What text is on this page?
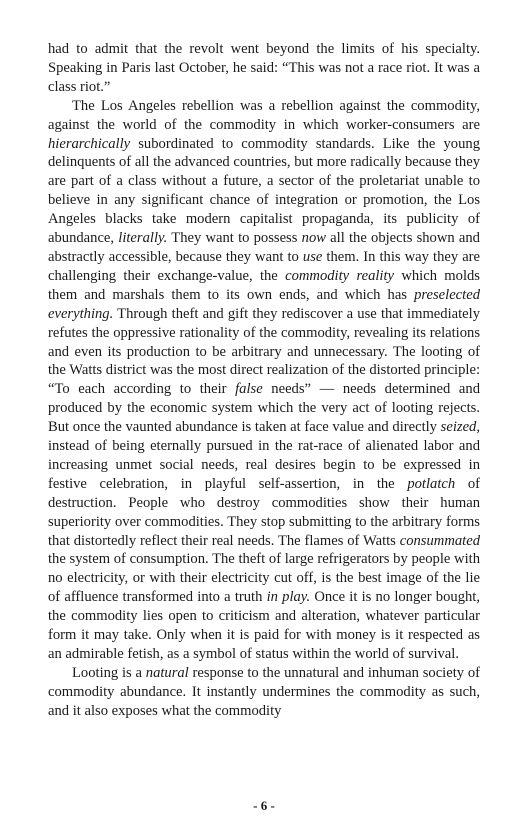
had to admit that the revolt went beyond the limits of his specialty. Speaking in Paris last October, he said: “This was not a race riot. It was a class riot.”

The Los Angeles rebellion was a rebellion against the commodity, against the world of the commodity in which worker-consumers are hierarchically subordinated to commodity standards. Like the young delinquents of all the advanced countries, but more radically because they are part of a class without a future, a sector of the proletariat unable to believe in any significant chance of integration or promotion, the Los Angeles blacks take modern capitalist propaganda, its publicity of abundance, literally. They want to possess now all the objects shown and abstractly accessible, because they want to use them. In this way they are challenging their exchange-value, the commodity reality which molds them and marshals them to its own ends, and which has preselected everything. Through theft and gift they rediscover a use that immediately refutes the oppressive rationality of the commodity, revealing its relations and even its production to be arbitrary and unnecessary. The looting of the Watts district was the most direct realization of the distorted principle: “To each according to their false needs” — needs determined and produced by the economic system which the very act of looting rejects. But once the vaunted abundance is taken at face value and directly seized, instead of being eternally pursued in the rat-race of alienated labor and increasing unmet social needs, real desires begin to be expressed in festive celebration, in playful self-assertion, in the potlatch of destruction. People who destroy commodities show their human superiority over commodities. They stop submitting to the arbitrary forms that distortedly reflect their real needs. The flames of Watts consummated the system of consumption. The theft of large refrigerators by people with no electricity, or with their electricity cut off, is the best image of the lie of affluence transformed into a truth in play. Once it is no longer bought, the commodity lies open to criticism and alteration, whatever particular form it may take. Only when it is paid for with money is it respected as an admirable fetish, as a symbol of status within the world of survival.

Looting is a natural response to the unnatural and inhuman society of commodity abundance. It instantly undermines the commodity as such, and it also exposes what the commodity

- 6 -
